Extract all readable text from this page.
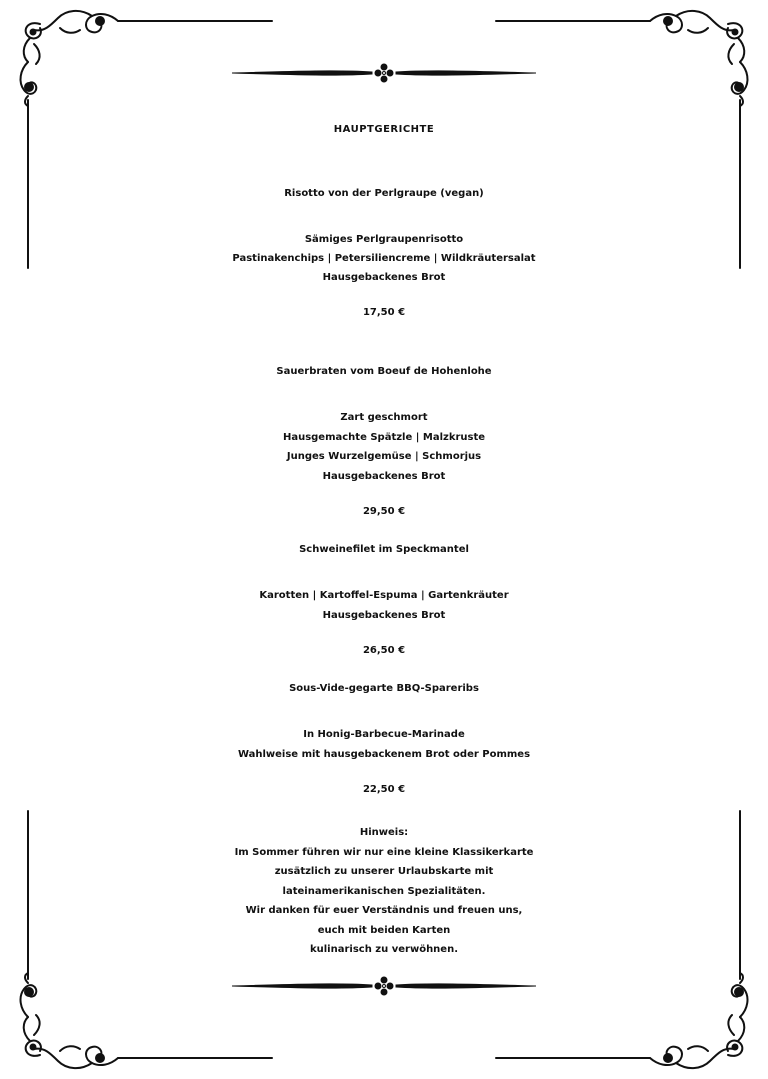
HAUPTGERICHTE
Risotto von der Perlgraupe (vegan)
Sämiges Perlgraupenrisotto
Pastinakenchips | Petersiliencreme | Wildkräutersalat
Hausgebackenes Brot
17,50 €
Sauerbraten vom Boeuf de Hohenlohe
Zart geschmort
Hausgemachte Spätzle | Malzkruste
Junges Wurzelgemüse | Schmorjus
Hausgebackenes Brot
29,50 €
Schweinefilet im Speckmantel
Karotten | Kartoffel-Espuma | Gartenkräuter
Hausgebackenes Brot
26,50 €
Sous-Vide-gegarte BBQ-Spareribs
In Honig-Barbecue-Marinade
Wahlweise mit hausgebackenem Brot oder Pommes
22,50 €
Hinweis:
Im Sommer führen wir nur eine kleine Klassikerkarte
zusätzlich zu unserer Urlaubskarte mit
lateinamerikanischen Spezialitäten.
Wir danken für euer Verständnis und freuen uns,
euch mit beiden Karten
kulinarisch zu verwöhnen.
